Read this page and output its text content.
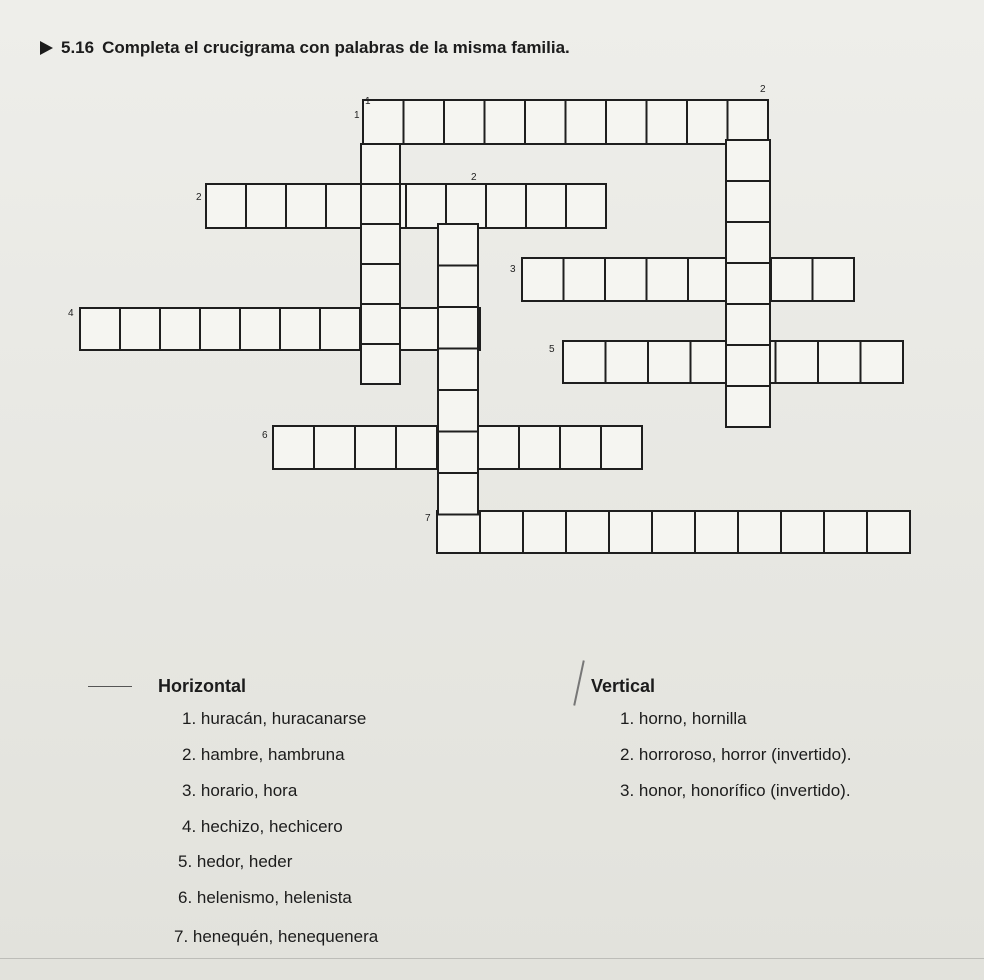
5.16 Completa el crucigrama con palabras de la misma familia.
1
1
2
2
2
3
4
5
6
7
Horizontal	Vertical
1. huracán, huracanarse
2. hambre, hambruna
3. horario, hora
4. hechizo, hechicero
5. hedor, heder
6. helenismo, helenista
7. henequén, henequenera
1. horno, hornilla
2. horroroso, horror (invertido).
3. honor, honorífico (invertido).
